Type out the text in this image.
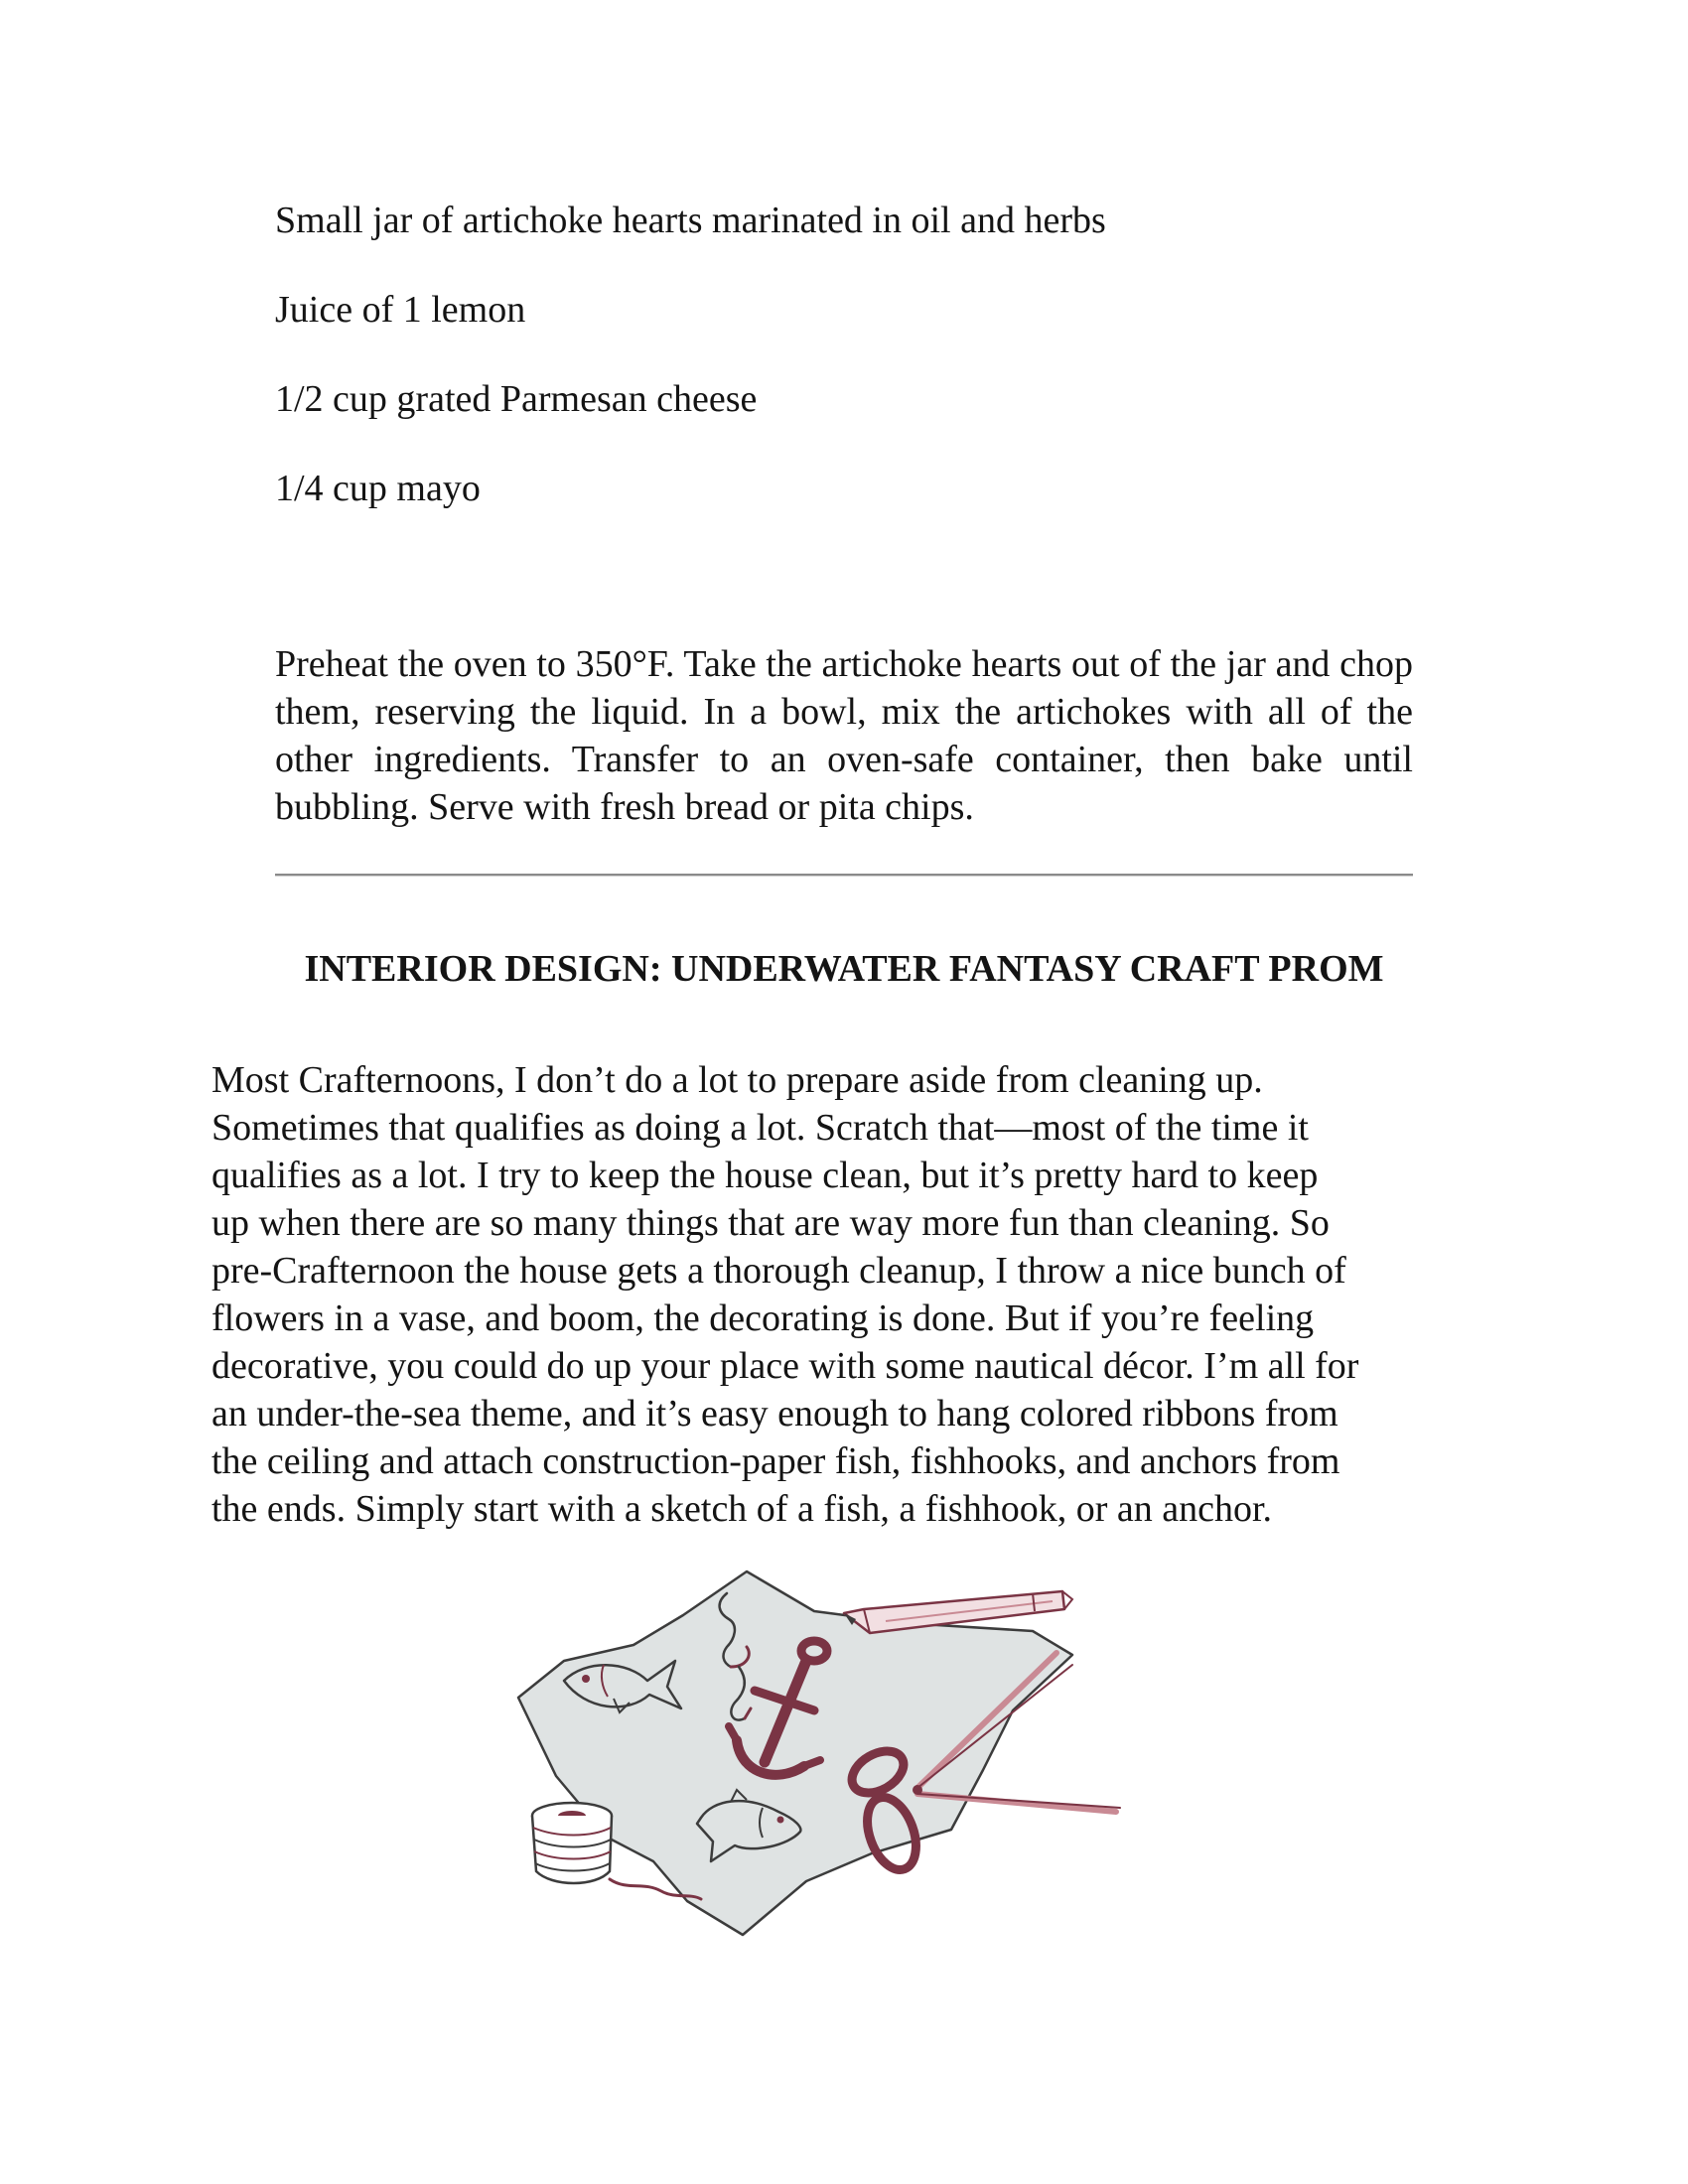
Small jar of artichoke hearts marinated in oil and herbs
Juice of 1 lemon
1/2 cup grated Parmesan cheese
1/4 cup mayo

Preheat the oven to 350°F. Take the artichoke hearts out of the jar and chop them, reserving the liquid. In a bowl, mix the artichokes with all of the other ingredients. Transfer to an oven-safe container, then bake until bubbling. Serve with fresh bread or pita chips.

INTERIOR DESIGN: UNDERWATER FANTASY CRAFT PROM
Most Crafternoons, I don’t do a lot to prepare aside from cleaning up.
Sometimes that qualifies as doing a lot. Scratch that—most of the time it
qualifies as a lot. I try to keep the house clean, but it’s pretty hard to keep
up when there are so many things that are way more fun than cleaning. So
pre-Crafternoon the house gets a thorough cleanup, I throw a nice bunch of
flowers in a vase, and boom, the decorating is done. But if you’re feeling
decorative, you could do up your place with some nautical décor. I’m all for
an under-the-sea theme, and it’s easy enough to hang colored ribbons from
the ceiling and attach construction-paper fish, fishhooks, and anchors from
the ends. Simply start with a sketch of a fish, a fishhook, or an anchor.
